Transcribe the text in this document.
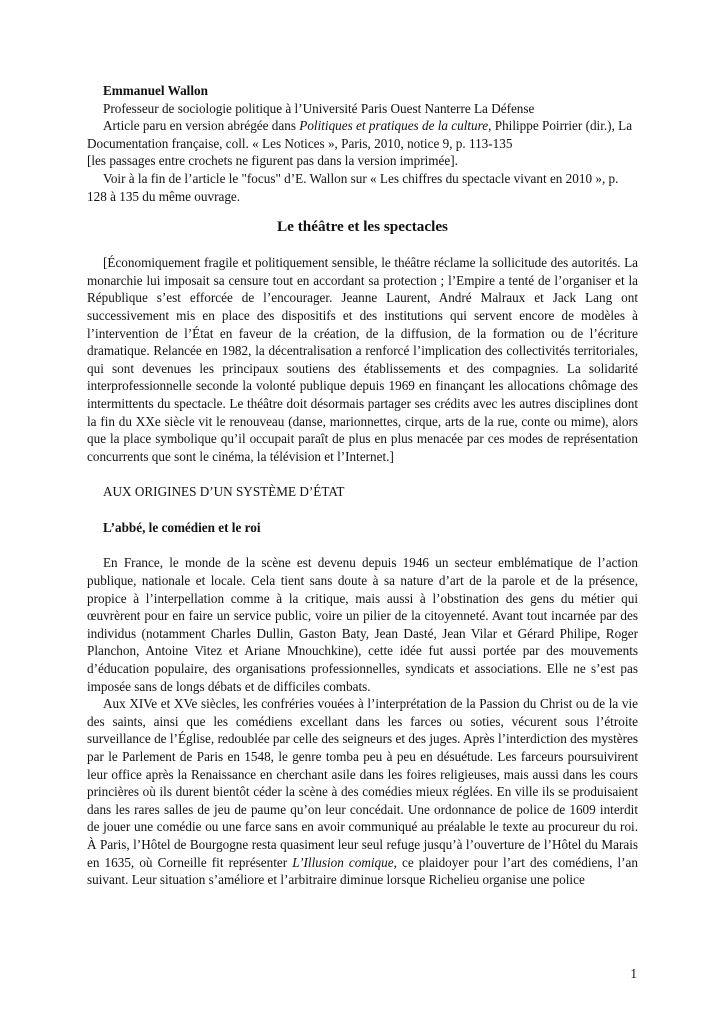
Emmanuel Wallon

Professeur de sociologie politique à l’Université Paris Ouest Nanterre La Défense

Article paru en version abrégée dans Politiques et pratiques de la culture, Philippe Poirrier (dir.), La Documentation française, coll. « Les Notices », Paris, 2010, notice 9, p. 113-135

[les passages entre crochets ne figurent pas dans la version imprimée].

Voir à la fin de l’article le "focus" d’E. Wallon sur « Les chiffres du spectacle vivant en 2010 », p. 128 à 135 du même ouvrage.

Le théâtre et les spectacles

[Économiquement fragile et politiquement sensible, le théâtre réclame la sollicitude des autorités. La monarchie lui imposait sa censure tout en accordant sa protection ; l’Empire a tenté de l’organiser et la République s’est efforcée de l’encourager. Jeanne Laurent, André Malraux et Jack Lang ont successivement mis en place des dispositifs et des institutions qui servent encore de modèles à l’intervention de l’État en faveur de la création, de la diffusion, de la formation ou de l’écriture dramatique. Relancée en 1982, la décentralisation a renforcé l’implication des collectivités territoriales, qui sont devenues les principaux soutiens des établissements et des compagnies. La solidarité interprofessionnelle seconde la volonté publique depuis 1969 en finançant les allocations chômage des intermittents du spectacle. Le théâtre doit désormais partager ses crédits avec les autres disciplines dont la fin du XXe siècle vit le renouveau (danse, marionnettes, cirque, arts de la rue, conte ou mime), alors que la place symbolique qu’il occupait paraît de plus en plus menacée par ces modes de représentation concurrents que sont le cinéma, la télévision et l’Internet.]

AUX ORIGINES D’UN SYSTÈME D’ÉTAT

L’abbé, le comédien et le roi

En France, le monde de la scène est devenu depuis 1946 un secteur emblématique de l’action publique, nationale et locale. Cela tient sans doute à sa nature d’art de la parole et de la présence, propice à l’interpellation comme à la critique, mais aussi à l’obstination des gens du métier qui œuvrèrent pour en faire un service public, voire un pilier de la citoyenneté. Avant tout incarnée par des individus (notamment Charles Dullin, Gaston Baty, Jean Dasté, Jean Vilar et Gérard Philipe, Roger Planchon, Antoine Vitez et Ariane Mnouchkine), cette idée fut aussi portée par des mouvements d’éducation populaire, des organisations professionnelles, syndicats et associations. Elle ne s’est pas imposée sans de longs débats et de difficiles combats.

Aux XIVe et XVe siècles, les confréries vouées à l’interprétation de la Passion du Christ ou de la vie des saints, ainsi que les comédiens excellant dans les farces ou soties, vécurent sous l’étroite surveillance de l’Église, redoublée par celle des seigneurs et des juges. Après l’interdiction des mystères par le Parlement de Paris en 1548, le genre tomba peu à peu en désuétude. Les farceurs poursuivirent leur office après la Renaissance en cherchant asile dans les foires religieuses, mais aussi dans les cours princières où ils durent bientôt céder la scène à des comédies mieux réglées. En ville ils se produisaient dans les rares salles de jeu de paume qu’on leur concédait. Une ordonnance de police de 1609 interdit de jouer une comédie ou une farce sans en avoir communiqué au préalable le texte au procureur du roi. À Paris, l’Hôtel de Bourgogne resta quasiment leur seul refuge jusqu’à l’ouverture de l’Hôtel du Marais en 1635, où Corneille fit représenter L’Illusion comique, ce plaidoyer pour l’art des comédiens, l’an suivant. Leur situation s’améliore et l’arbitraire diminue lorsque Richelieu organise une police

1
